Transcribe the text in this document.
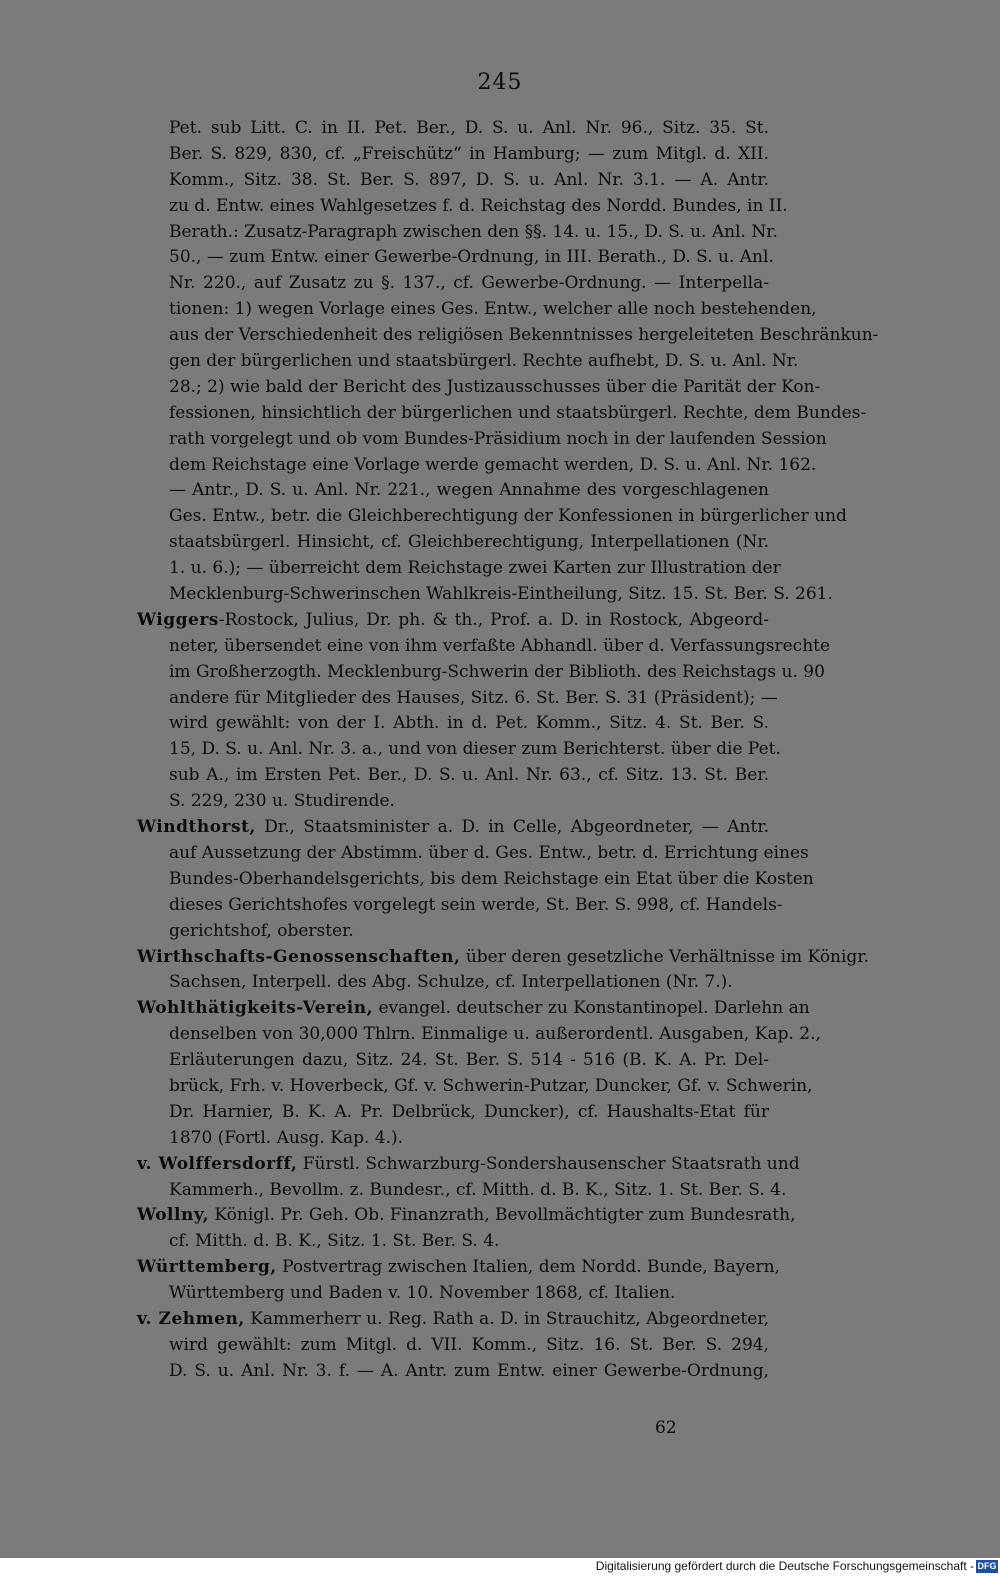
245
Pet. sub Litt. C. in II. Pet. Ber., D. S. u. Anl. Nr. 96., Sitz. 35. St.
Ber. S. 829, 830, cf. „Freischütz“ in Hamburg; — zum Mitgl. d. XII.
Komm., Sitz. 38. St. Ber. S. 897, D. S. u. Anl. Nr. 3.1. — A. Antr.
zu d. Entw. eines Wahlgesetzes f. d. Reichstag des Nordd. Bundes, in II.
Berath.: Zusatz-Paragraph zwischen den §§. 14. u. 15., D. S. u. Anl. Nr.
50., — zum Entw. einer Gewerbe-Ordnung, in III. Berath., D. S. u. Anl.
Nr. 220., auf Zusatz zu §. 137., cf. Gewerbe-Ordnung. — Interpella-
tionen: 1) wegen Vorlage eines Ges. Entw., welcher alle noch bestehenden,
aus der Verschiedenheit des religiösen Bekenntnisses hergeleiteten Beschränkun-
gen der bürgerlichen und staatsbürgerl. Rechte aufhebt, D. S. u. Anl. Nr.
28.; 2) wie bald der Bericht des Justizausschusses über die Parität der Kon-
fessionen, hinsichtlich der bürgerlichen und staatsbürgerl. Rechte, dem Bundes-
rath vorgelegt und ob vom Bundes-Präsidium noch in der laufenden Session
dem Reichstage eine Vorlage werde gemacht werden, D. S. u. Anl. Nr. 162.
— Antr., D. S. u. Anl. Nr. 221., wegen Annahme des vorgeschlagenen
Ges. Entw., betr. die Gleichberechtigung der Konfessionen in bürgerlicher und
staatsbürgerl. Hinsicht, cf. Gleichberechtigung, Interpellationen (Nr.
1. u. 6.); — überreicht dem Reichstage zwei Karten zur Illustration der
Mecklenburg-Schwerinschen Wahlkreis-Eintheilung, Sitz. 15. St. Ber. S. 261.
Wiggers-Rostock, Julius, Dr. ph. & th., Prof. a. D. in Rostock, Abgeord-
neter, übersendet eine von ihm verfaßte Abhandl. über d. Verfassungsrechte
im Großherzogth. Mecklenburg-Schwerin der Biblioth. des Reichstags u. 90
andere für Mitglieder des Hauses, Sitz. 6. St. Ber. S. 31 (Präsident); —
wird gewählt: von der I. Abth. in d. Pet. Komm., Sitz. 4. St. Ber. S.
15, D. S. u. Anl. Nr. 3. a., und von dieser zum Berichterst. über die Pet.
sub A., im Ersten Pet. Ber., D. S. u. Anl. Nr. 63., cf. Sitz. 13. St. Ber.
S. 229, 230 u. Studirende.
Windthorst, Dr., Staatsminister a. D. in Celle, Abgeordneter, — Antr.
auf Aussetzung der Abstimm. über d. Ges. Entw., betr. d. Errichtung eines
Bundes-Oberhandelsgerichts, bis dem Reichstage ein Etat über die Kosten
dieses Gerichtshofes vorgelegt sein werde, St. Ber. S. 998, cf. Handels-
gerichtshof, oberster.
Wirthschafts-Genossenschaften, über deren gesetzliche Verhältnisse im Königr.
Sachsen, Interpell. des Abg. Schulze, cf. Interpellationen (Nr. 7.).
Wohlthätigkeits-Verein, evangel. deutscher zu Konstantinopel. Darlehn an
denselben von 30,000 Thlrn. Einmalige u. außerordentl. Ausgaben, Kap. 2.,
Erläuterungen dazu, Sitz. 24. St. Ber. S. 514 - 516 (B. K. A. Pr. Del-
brück, Frh. v. Hoverbeck, Gf. v. Schwerin-Putzar, Duncker, Gf. v. Schwerin,
Dr. Harnier, B. K. A. Pr. Delbrück, Duncker), cf. Haushalts-Etat für
1870 (Fortl. Ausg. Kap. 4.).
v. Wolffersdorff, Fürstl. Schwarzburg-Sondershausenscher Staatsrath und
Kammerh., Bevollm. z. Bundesr., cf. Mitth. d. B. K., Sitz. 1. St. Ber. S. 4.
Wollny, Königl. Pr. Geh. Ob. Finanzrath, Bevollmächtigter zum Bundesrath,
cf. Mitth. d. B. K., Sitz. 1. St. Ber. S. 4.
Württemberg, Postvertrag zwischen Italien, dem Nordd. Bunde, Bayern,
Württemberg und Baden v. 10. November 1868, cf. Italien.
v. Zehmen, Kammerherr u. Reg. Rath a. D. in Strauchitz, Abgeordneter,
wird gewählt: zum Mitgl. d. VII. Komm., Sitz. 16. St. Ber. S. 294,
D. S. u. Anl. Nr. 3. f. — A. Antr. zum Entw. einer Gewerbe-Ordnung,
62
Digitalisierung gefördert durch die Deutsche Forschungsgemeinschaft - DFG
